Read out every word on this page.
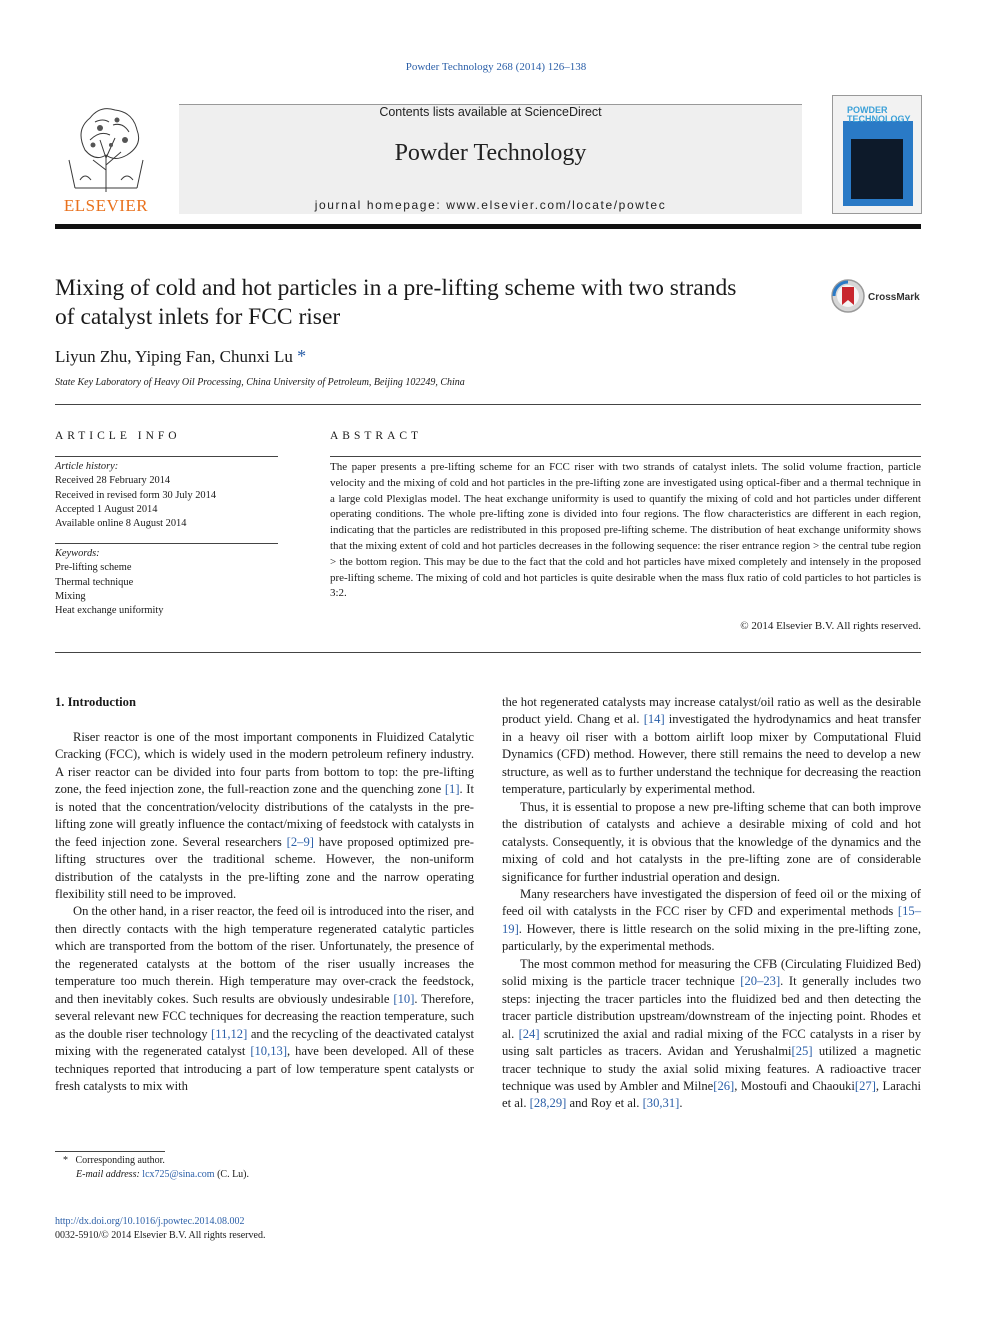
Powder Technology 268 (2014) 126–138
ELSEVIER
Contents lists available at ScienceDirect
Powder Technology
journal homepage: www.elsevier.com/locate/powtec
POWDER TECHNOLOGY
Mixing of cold and hot particles in a pre-lifting scheme with two strands
of catalyst inlets for FCC riser
CrossMark
Liyun Zhu, Yiping Fan, Chunxi Lu *
State Key Laboratory of Heavy Oil Processing, China University of Petroleum, Beijing 102249, China
ARTICLE INFO
Article history:
Received 28 February 2014
Received in revised form 30 July 2014
Accepted 1 August 2014
Available online 8 August 2014
Keywords:
Pre-lifting scheme
Thermal technique
Mixing
Heat exchange uniformity
ABSTRACT
The paper presents a pre-lifting scheme for an FCC riser with two strands of catalyst inlets. The solid volume fraction, particle velocity and the mixing of cold and hot particles in the pre-lifting zone are investigated using optical-fiber and a thermal technique in a large cold Plexiglas model. The heat exchange uniformity is used to quantify the mixing of cold and hot particles under different operating conditions. The whole pre-lifting zone is divided into four regions. The flow characteristics are different in each region, indicating that the particles are redistributed in this proposed pre-lifting scheme. The distribution of heat exchange uniformity shows that the mixing extent of cold and hot particles decreases in the following sequence: the riser entrance region > the central tube region > the bottom region. This may be due to the fact that the cold and hot particles have mixed completely and intensely in the proposed pre-lifting scheme. The mixing of cold and hot particles is quite desirable when the mass flux ratio of cold particles to hot particles is 3:2.
© 2014 Elsevier B.V. All rights reserved.
1. Introduction

Riser reactor is one of the most important components in Fluidized Catalytic Cracking (FCC), which is widely used in the modern petroleum refinery industry. A riser reactor can be divided into four parts from bottom to top: the pre-lifting zone, the feed injection zone, the full-reaction zone and the quenching zone [1]. It is noted that the concentration/velocity distributions of the catalysts in the pre-lifting zone will greatly influence the contact/mixing of feedstock with catalysts in the feed injection zone. Several researchers [2–9] have proposed optimized pre-lifting structures over the traditional scheme. However, the non-uniform distribution of the catalysts in the pre-lifting zone and the narrow operating flexibility still need to be improved.

On the other hand, in a riser reactor, the feed oil is introduced into the riser, and then directly contacts with the high temperature regenerated catalytic particles which are transported from the bottom of the riser. Unfortunately, the presence of the regenerated catalysts at the bottom of the riser usually increases the temperature too much therein. High temperature may over-crack the feedstock, and then inevitably cokes. Such results are obviously undesirable [10]. Therefore, several relevant new FCC techniques for decreasing the reaction temperature, such as the double riser technology [11,12] and the recycling of the deactivated catalyst mixing with the regenerated catalyst [10,13], have been developed. All of these techniques reported that introducing a part of low temperature spent catalysts or fresh catalysts to mix with

the hot regenerated catalysts may increase catalyst/oil ratio as well as the desirable product yield. Chang et al. [14] investigated the hydrodynamics and heat transfer in a heavy oil riser with a bottom airlift loop mixer by Computational Fluid Dynamics (CFD) method. However, there still remains the need to develop a new structure, as well as to further understand the technique for decreasing the reaction temperature, particularly by experimental method.

Thus, it is essential to propose a new pre-lifting scheme that can both improve the distribution of catalysts and achieve a desirable mixing of cold and hot catalysts. Consequently, it is obvious that the knowledge of the dynamics and the mixing of cold and hot catalysts in the pre-lifting zone are of considerable significance for further industrial operation and design.

Many researchers have investigated the dispersion of feed oil or the mixing of feed oil with catalysts in the FCC riser by CFD and experimental methods [15–19]. However, there is little research on the solid mixing in the pre-lifting zone, particularly, by the experimental methods.

The most common method for measuring the CFB (Circulating Fluidized Bed) solid mixing is the particle tracer technique [20–23]. It generally includes two steps: injecting the tracer particles into the fluidized bed and then detecting the tracer particle distribution upstream/downstream of the injecting point. Rhodes et al. [24] scrutinized the axial and radial mixing of the FCC catalysts in a riser by using salt particles as tracers. Avidan and Yerushalmi[25] utilized a magnetic tracer technique to study the axial solid mixing features. A radioactive tracer technique was used by Ambler and Milne[26], Mostoufi and Chaouki[27], Larachi et al. [28,29] and Roy et al. [30,31].

* Corresponding author.
E-mail address: lcx725@sina.com (C. Lu).
http://dx.doi.org/10.1016/j.powtec.2014.08.002
0032-5910/© 2014 Elsevier B.V. All rights reserved.
